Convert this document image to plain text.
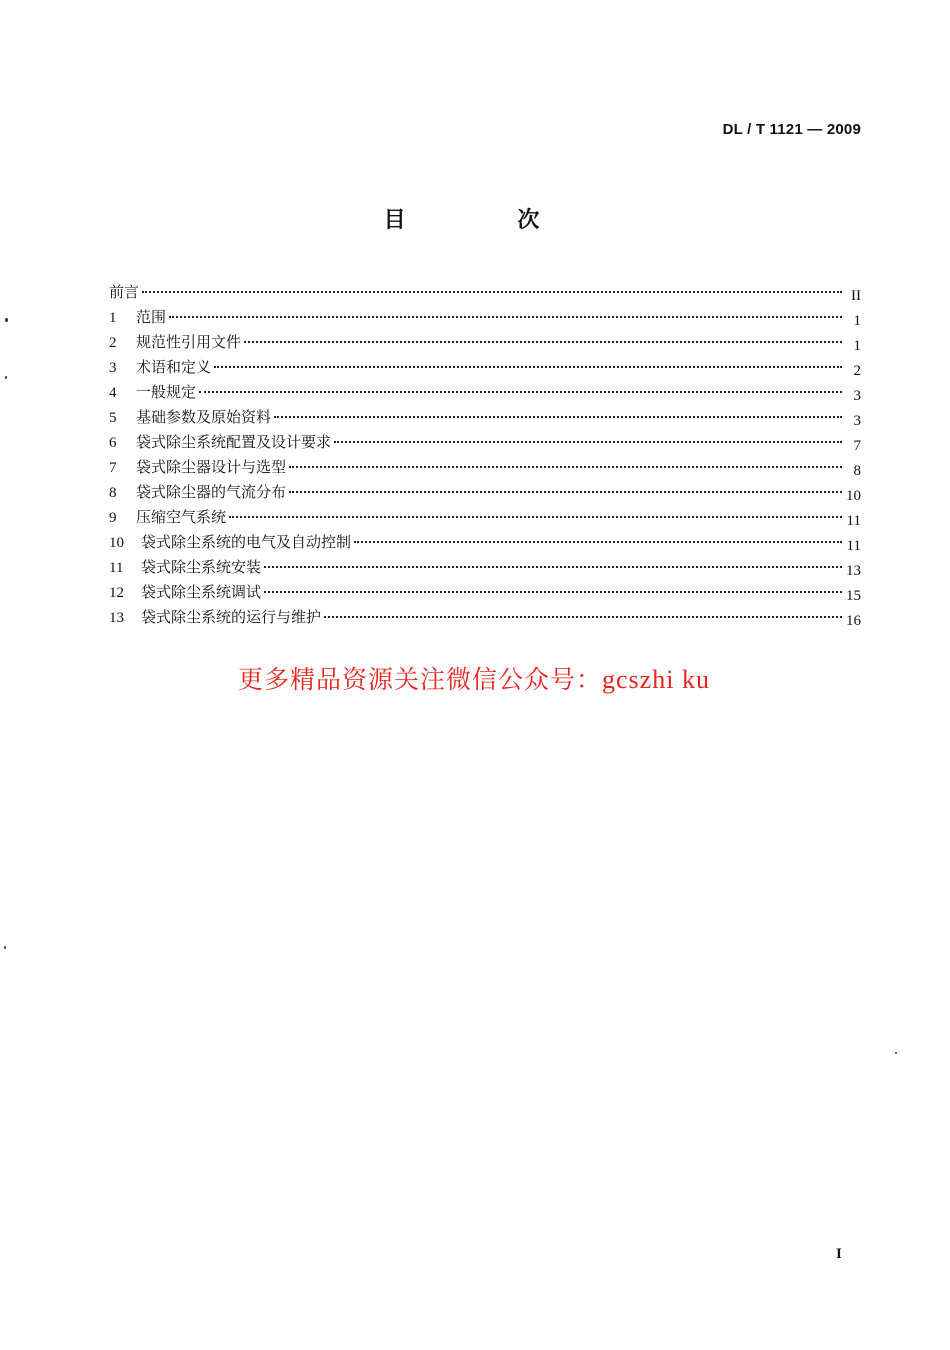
DL / T 1121 — 2009
目 次
前言	II
1	范围	1
2	规范性引用文件	1
3	术语和定义	2
4	一般规定	3
5	基础参数及原始资料	3
6	袋式除尘系统配置及设计要求	7
7	袋式除尘器设计与选型	8
8	袋式除尘器的气流分布	10
9	压缩空气系统	11
10	袋式除尘系统的电气及自动控制	11
11	袋式除尘系统安装	13
12	袋式除尘系统调试	15
13	袋式除尘系统的运行与维护	16
更多精品资源关注微信公众号：gcszhi ku
I
